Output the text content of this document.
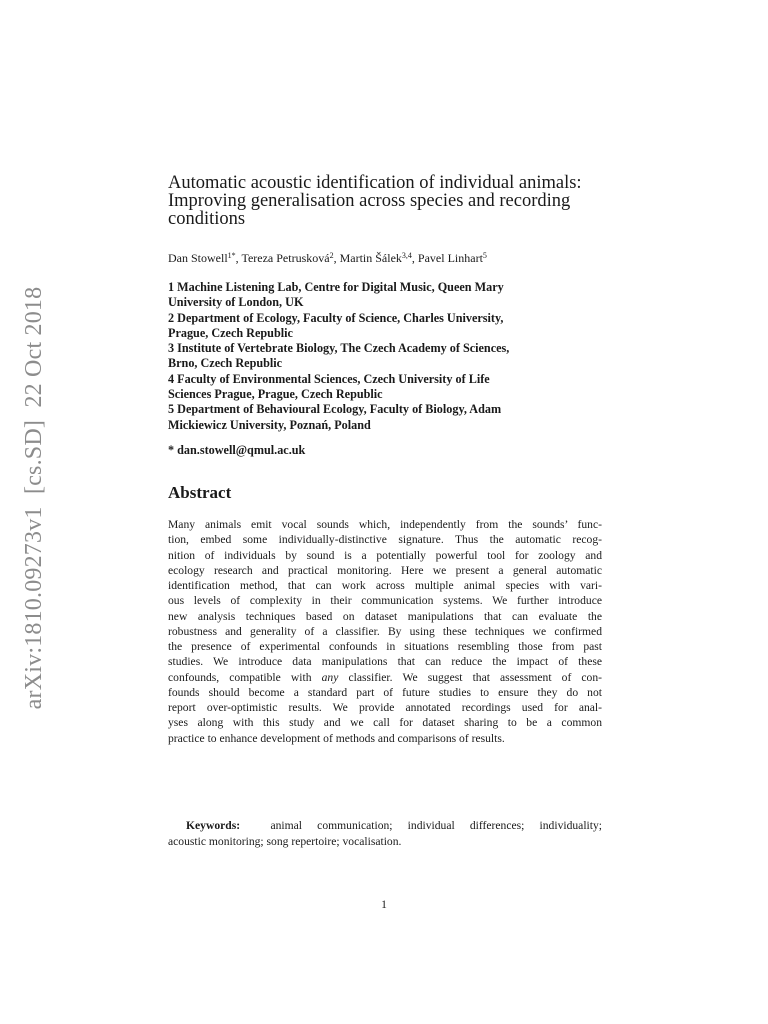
arXiv:1810.09273v1  [cs.SD]  22 Oct 2018
Automatic acoustic identification of individual animals:
Improving generalisation across species and recording
conditions
Dan Stowell$^{1*}$, Tereza Petrusková$^2$, Martin Šálek$^{3,4}$, Pavel Linhart$^5$
1 Machine Listening Lab, Centre for Digital Music, Queen Mary
University of London, UK
2 Department of Ecology, Faculty of Science, Charles University,
Prague, Czech Republic
3 Institute of Vertebrate Biology, The Czech Academy of Sciences,
Brno, Czech Republic
4 Faculty of Environmental Sciences, Czech University of Life
Sciences Prague, Prague, Czech Republic
5 Department of Behavioural Ecology, Faculty of Biology, Adam
Mickiewicz University, Poznań, Poland
* dan.stowell@qmul.ac.uk
Abstract
Many animals emit vocal sounds which, independently from the sounds’ func-
tion, embed some individually-distinctive signature. Thus the automatic recog-
nition of individuals by sound is a potentially powerful tool for zoology and
ecology research and practical monitoring. Here we present a general automatic
identification method, that can work across multiple animal species with vari-
ous levels of complexity in their communication systems. We further introduce
new analysis techniques based on dataset manipulations that can evaluate the
robustness and generality of a classifier. By using these techniques we confirmed
the presence of experimental confounds in situations resembling those from past
studies. We introduce data manipulations that can reduce the impact of these
confounds, compatible with any classifier. We suggest that assessment of con-
founds should become a standard part of future studies to ensure they do not
report over-optimistic results. We provide annotated recordings used for anal-
yses along with this study and we call for dataset sharing to be a common
practice to enhance development of methods and comparisons of results.
Keywords:	animal communication; individual differences; individuality;
acoustic monitoring; song repertoire; vocalisation.
1
